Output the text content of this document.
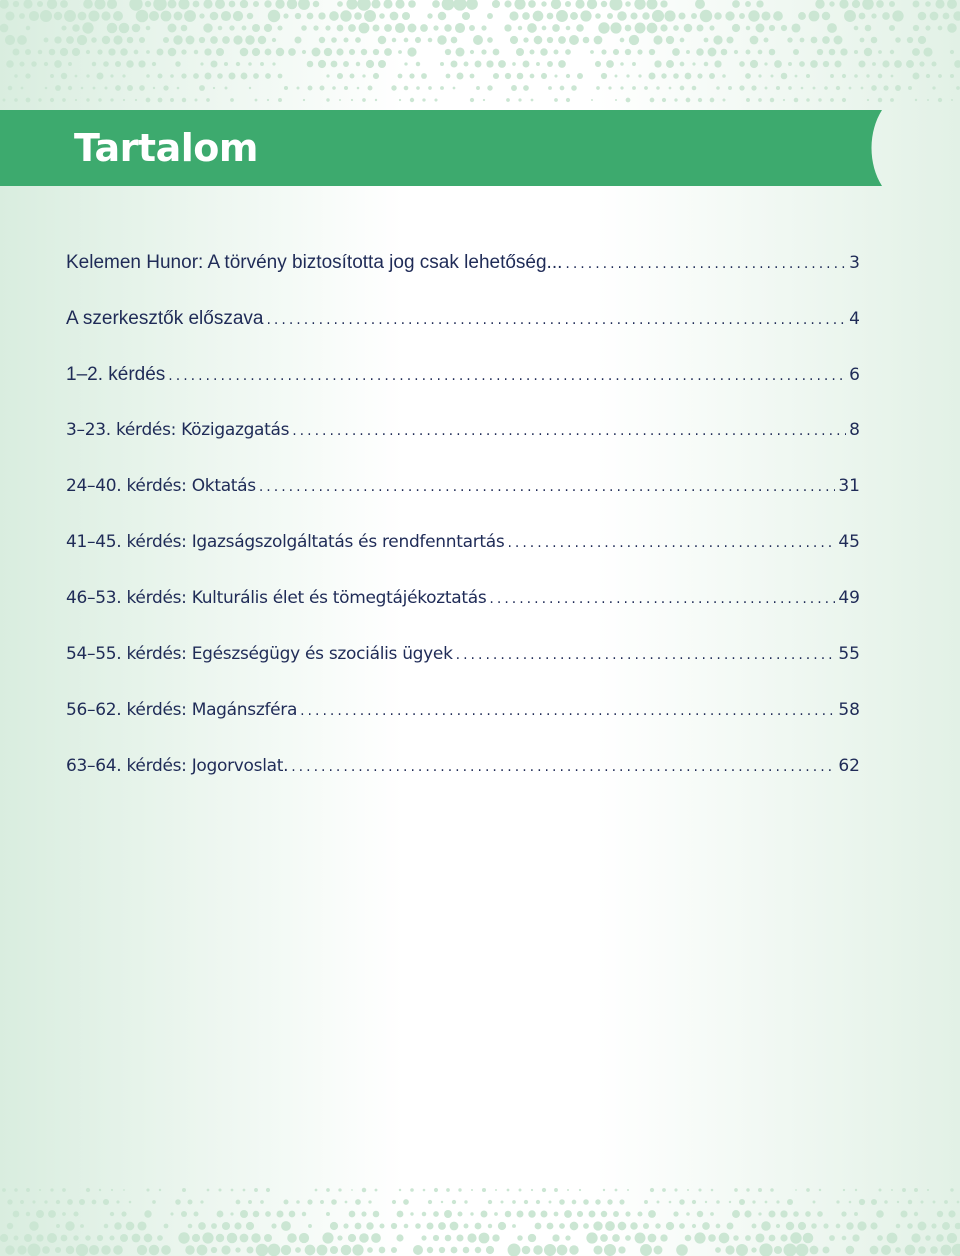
Tartalom
Kelemen Hunor: A törvény biztosította jog csak lehetőség... .....	3
A szerkesztők előszava .....	4
1–2. kérdés .....	6
3–23. kérdés: Közigazgatás .....	8
24–40. kérdés: Oktatás .....	31
41–45. kérdés: Igazságszolgáltatás és rendfenntartás .....	45
46–53. kérdés: Kulturális élet és tömegtájékoztatás .....	49
54–55. kérdés: Egészségügy és szociális ügyek .....	55
56–62. kérdés: Magánszféra .....	58
63–64. kérdés: Jogorvoslat. .....	62
